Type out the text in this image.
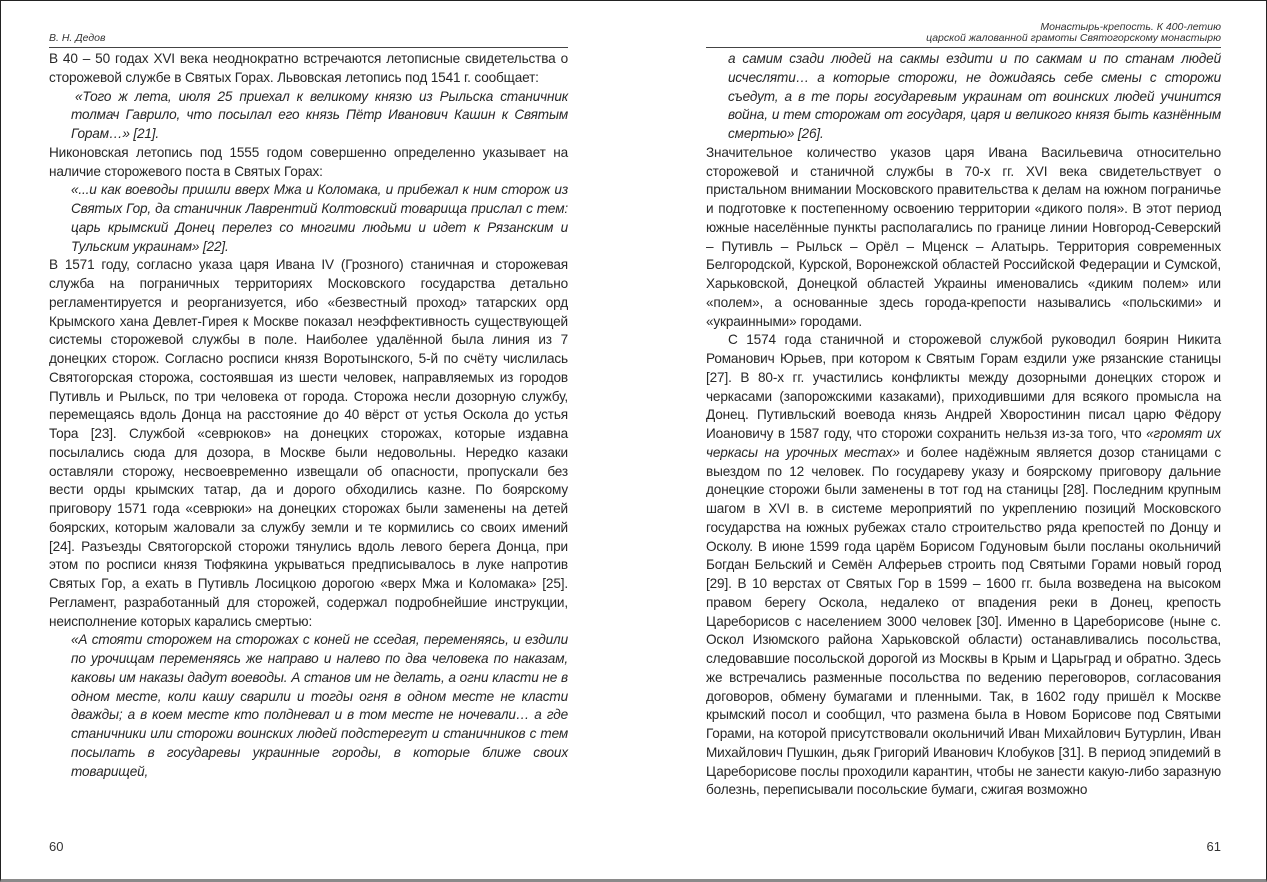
В. Н. Дедов

В 40 – 50 годах XVI века неоднократно встречаются летописные свидетельства о сторожевой службе в Святых Горах. Львовская летопись под 1541 г. сообщает:

«Того ж лета, июля 25 приехал к великому князю из Рыльска станичник толмач Гаврило, что посылал его князь Пётр Иванович Кашин к Святым Горам…» [21].

Никоновская летопись под 1555 годом совершенно определенно указывает на наличие сторожевого поста в Святых Горах:

«...и как воеводы пришли вверх Мжа и Коломака, и прибежал к ним сторож из Святых Гор, да станичник Лаврентий Колтовский товарища прислал с тем: царь крымский Донец перелез со многими людьми и идет к Рязанским и Тульским украинам» [22].

В 1571 году, согласно указа царя Ивана IV (Грозного) станичная и сторожевая служба на пограничных территориях Московского государства детально регламентируется и реорганизуется, ибо «безвестный проход» татарских орд Крымского хана Девлет-Гирея к Москве показал неэффективность существующей системы сторожевой службы в поле. Наиболее удалённой была линия из 7 донецких сторож. Согласно росписи князя Воротынского, 5-й по счёту числилась Святогорская сторожа, состоявшая из шести человек, направляемых из городов Путивль и Рыльск, по три человека от города. Сторожа несли дозорную службу, перемещаясь вдоль Донца на расстояние до 40 вёрст от устья Оскола до устья Тора [23]. Службой «севрюков» на донецких сторожах, которые издавна посылались сюда для дозора, в Москве были недовольны. Нередко казаки оставляли сторожу, несвоевременно извещали об опасности, пропускали без вести орды крымских татар, да и дорого обходились казне. По боярскому приговору 1571 года «севрюки» на донецких сторожах были заменены на детей боярских, которым жаловали за службу земли и те кормились со своих имений [24]. Разъезды Святогорской сторожи тянулись вдоль левого берега Донца, при этом по росписи князя Тюфякина укрываться предписывалось в луке напротив Святых Гор, а ехать в Путивль Лосицкою дорогою «верх Мжа и Коломака» [25]. Регламент, разработанный для сторожей, содержал подробнейшие инструкции, неисполнение которых карались смертью:

«А стояти сторожем на сторожах с коней не сседая, переменяясь, и ездили по урочищам переменяясь же направо и налево по два человека по наказам, каковы им наказы дадут воеводы. А станов им не делать, а огни класти не в одном месте, коли кашу сварили и тогды огня в одном месте не класти дважды; а в коем месте кто полдневал и в том месте не ночевали… а где станичники или сторожи воинских людей подстерегут и станичников с тем посылать в государевы украинные городы, в которые ближе своих товарищей,

60
Монастырь-крепость. К 400-летию
царской жалованной грамоты Святогорскому монастырю

а самим сзади людей на сакмы ездити и по сакмам и по станам людей исчесляти… а которые сторожи, не дожидаясь себе смены с сторожи съедут, а в те поры государевым украинам от воинских людей учинится война, и тем сторожам от государя, царя и великого князя быть казнённым смертью» [26].

Значительное количество указов царя Ивана Васильевича относительно сторожевой и станичной службы в 70-х гг. XVI века свидетельствует о пристальном внимании Московского правительства к делам на южном пограничье и подготовке к постепенному освоению территории «дикого поля». В этот период южные населённые пункты располагались по границе линии Новгород-Северский – Путивль – Рыльск – Орёл – Мценск – Алатырь. Территория современных Белгородской, Курской, Воронежской областей Российской Федерации и Сумской, Харьковской, Донецкой областей Украины именовались «диким полем» или «полем», а основанные здесь города-крепости назывались «польскими» и «украинными» городами.

С 1574 года станичной и сторожевой службой руководил боярин Никита Романович Юрьев, при котором к Святым Горам ездили уже рязанские станицы [27]. В 80-х гг. участились конфликты между дозорными донецких сторож и черкасами (запорожскими казаками), приходившими для всякого промысла на Донец. Путивльский воевода князь Андрей Хворостинин писал царю Фёдору Иоановичу в 1587 году, что сторожи сохранить нельзя из-за того, что «громят их черкасы на урочных местах» и более надёжным является дозор станицами с выездом по 12 человек. По государеву указу и боярскому приговору дальние донецкие сторожи были заменены в тот год на станицы [28]. Последним крупным шагом в XVI в. в системе мероприятий по укреплению позиций Московского государства на южных рубежах стало строительство ряда крепостей по Донцу и Осколу. В июне 1599 года царём Борисом Годуновым были посланы окольничий Богдан Бельский и Семён Алферьев строить под Святыми Горами новый город [29]. В 10 верстах от Святых Гор в 1599 – 1600 гг. была возведена на высоком правом берегу Оскола, недалеко от впадения реки в Донец, крепость Цареборисов с населением 3000 человек [30]. Именно в Цареборисове (ныне с. Оскол Изюмского района Харьковской области) останавливались посольства, следовавшие посольской дорогой из Москвы в Крым и Царьград и обратно. Здесь же встречались разменные посольства по ведению переговоров, согласования договоров, обмену бумагами и пленными. Так, в 1602 году пришёл к Москве крымский посол и сообщил, что размена была в Новом Борисове под Святыми Горами, на которой присутствовали окольничий Иван Михайлович Бутурлин, Иван Михайлович Пушкин, дьяк Григорий Иванович Клобуков [31]. В период эпидемий в Цареборисове послы проходили карантин, чтобы не занести какую-либо заразную болезнь, переписывали посольские бумаги, сжигая возможно

61
